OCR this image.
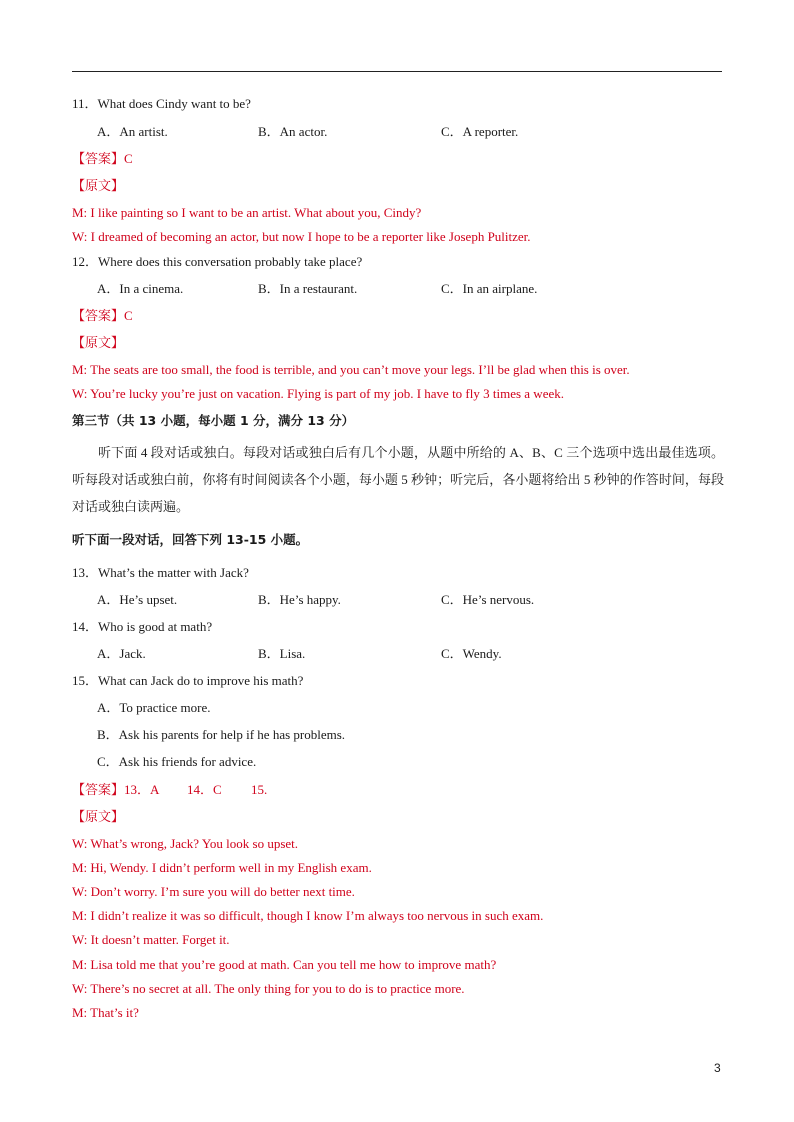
11．What does Cindy want to be?
A．An artist.	B．An actor.	C．A reporter.
【答案】C
【原文】
M: I like painting so I want to be an artist. What about you, Cindy?
W: I dreamed of becoming an actor, but now I hope to be a reporter like Joseph Pulitzer.
12．Where does this conversation probably take place?
A．In a cinema.	B．In a restaurant.	C．In an airplane.
【答案】C
【原文】
M: The seats are too small, the food is terrible, and you can’t move your legs. I’ll be glad when this is over.
W: You’re lucky you’re just on vacation. Flying is part of my job. I have to fly 3 times a week.
第三节（共 13 小题，每小题 1 分，满分 13 分）
听下面 4 段对话或独白。每段对话或独白后有几个小题，从题中所给的 A、B、C 三个选项中选出最佳选项。听每段对话或独白前，你将有时间阅读各个小题，每小题 5 秒钟；听完后，各小题将给出 5 秒钟的作答时间，每段对话或独白读两遍。
听下面一段对话，回答下列 13-15 小题。
13．What’s the matter with Jack?
A．He’s upset.	B．He’s happy.	C．He’s nervous.
14．Who is good at math?
A．Jack.	B．Lisa.	C．Wendy.
15．What can Jack do to improve his math?
A．To practice more.
B．Ask his parents for help if he has problems.
C．Ask his friends for advice.
【答案】13．A 14．C 15.
【原文】
W: What’s wrong, Jack? You look so upset.
M: Hi, Wendy. I didn’t perform well in my English exam.
W: Don’t worry. I’m sure you will do better next time.
M: I didn’t realize it was so difficult, though I know I’m always too nervous in such exam.
W: It doesn’t matter. Forget it.
M: Lisa told me that you’re good at math. Can you tell me how to improve math?
W: There’s no secret at all. The only thing for you to do is to practice more.
M: That’s it?
3
